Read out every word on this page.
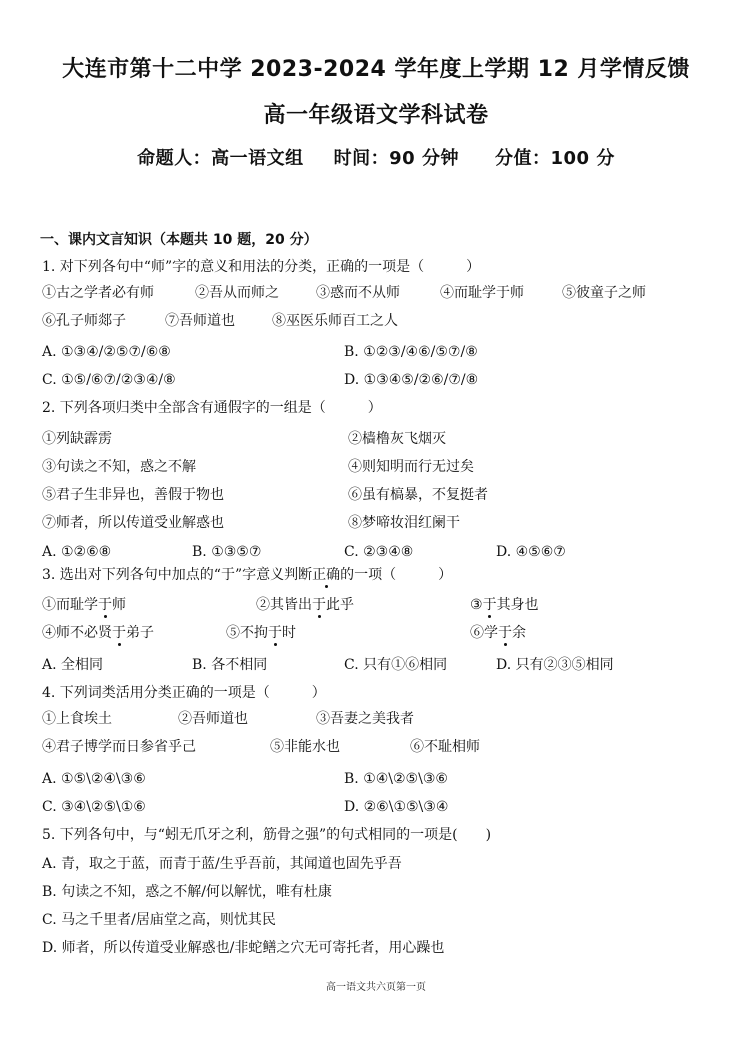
大连市第十二中学 2023-2024 学年度上学期 12 月学情反馈
高一年级语文学科试卷
命题人：高一语文组 时间：90 分钟 分值：100 分
一、课内文言知识（本题共 10 题，20 分）
1. 对下列各句中“师”字的意义和用法的分类，正确的一项是（　　　）
①古之学者必有师	②吾从而师之	③惑而不从师	④而耻学于师	⑤彼童子之师
⑥孔子师郯子	⑦吾师道也	⑧巫医乐师百工之人
A. ①③④/②⑤⑦/⑥⑧	B. ①②③/④⑥/⑤⑦/⑧
C. ①⑤/⑥⑦/②③④/⑧	D. ①③④⑤/②⑥/⑦/⑧
2. 下列各项归类中全部含有通假字的一组是（　　　）
①列缺霹雳	②樯橹灰飞烟灭
③句读之不知，惑之不解	④则知明而行无过矣
⑤君子生非异也，善假于物也	⑥虽有槁暴，不复挺者
⑦师者，所以传道受业解惑也	⑧梦啼妆泪红阑干
A. ①②⑥⑧	B. ①③⑤⑦	C. ②③④⑧	D. ④⑤⑥⑦
3. 选出对下列各句中加点的“于”字意义判断正确的一项（　　　）
①而耻学于师	②其皆出于此乎	③于其身也
④师不必贤于弟子	⑤不拘于时	⑥学于余
A. 全相同	B. 各不相同	C. 只有①⑥相同	D. 只有②③⑤相同
4. 下列词类活用分类正确的一项是（　　　）
①上食埃土	②吾师道也	③吾妻之美我者
④君子博学而日参省乎己	⑤非能水也	⑥不耻相师
A. ①⑤\②④\③⑥	B. ①④\②⑤\③⑥
C. ③④\②⑤\①⑥	D. ②⑥\①⑤\③④
5. 下列各句中，与“蚓无爪牙之利，筋骨之强”的句式相同的一项是(　　)
A. 青，取之于蓝，而青于蓝/生乎吾前，其闻道也固先乎吾
B. 句读之不知，惑之不解/何以解忧，唯有杜康
C. 马之千里者/居庙堂之高，则忧其民
D. 师者，所以传道受业解惑也/非蛇鳝之穴无可寄托者，用心躁也
高一语文共六页第一页
